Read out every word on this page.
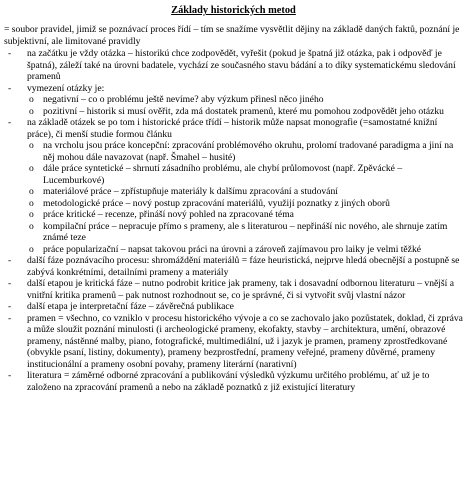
Základy historických metod
= soubor pravidel, jimiž se poznávací proces řídí – tím se snažíme vysvětlit dějiny na základě daných faktů, poznání je subjektivní, ale limitované pravidly
- na začátku je vždy otázka – historikú chce zodpovědět, vyřešit (pokud je špatná již otázka, pak i odpověď je špatná), záleží také na úrovni badatele, vychází ze současného stavu bádání a to díky systematickému sledování pramenů
- vymezení otázky je:
o negativní – co o problému ještě nevíme? aby výzkum přinesl něco jiného
o pozitivní – historik si musí ověřit, zda má dostatek pramenů, které mu pomohou zodpovědět jeho otázku
- na základě otázek se po tom i historické práce třídí – historik může napsat monografie (=samostatné knižní práce), či menší studie formou článku
o na vrcholu jsou práce koncepční: zpracování problémového okruhu, prolomí tradované paradigma a jiní na něj mohou dále navazovat (např. Šmahel – husité)
o dále práce syntetické – shrnutí zásadního problému, ale chybí průlomovost (např. Zpěvácké – Lucemburkové)
o materiálové práce – zpřístupňuje materiály k dalšímu zpracování a studování
o metodologické práce – nový postup zpracování materiálů, využijí poznatky z jiných oborů
o práce kritické – recenze, přináší nový pohled na zpracované téma
o kompilační práce – nepracuje přímo s prameny, ale s literaturou – nepřináší nic nového, ale shrnuje zatím známé teze
o práce popularizační – napsat takovou práci na úrovni a zároveň zajímavou pro laiky je velmi těžké
- další fáze poznávacího procesu: shromáždění materiálů = fáze heuristická, nejprve hledá obecnější a postupně se zabývá konkrétními, detailními prameny a materiály
- další etapou je kritická fáze – nutno podrobit kritice jak prameny, tak i dosavadní odbornou literaturu – vnější a vnitřní kritika pramenů – pak nutnost rozhodnout se, co je správné, či si vytvořit svůj vlastní názor
- další etapa je interpretační fáze – závěrečná publikace
- pramen = všechno, co vzniklo v procesu historického vývoje a co se zachovalo jako pozůstatek, doklad, či zpráva a může sloužit poznání minulosti (i archeologické prameny, ekofakty, stavby – architektura, umění, obrazové prameny, nástěnné malby, piano, fotografické, multimediální, už i jazyk je pramen, prameny zprostředkované (obvykle psaní, listiny, dokumenty), prameny bezprostřední, prameny veřejné, prameny důvěrné, prameny institucionální a prameny osobní povahy, prameny literární (narativní)
- literatura = záměrné odborné zpracování a publikování výsledků výzkumu určitého problému, ať už je to založeno na zpracování pramenů a nebo na základě poznatků z již existující literatury
